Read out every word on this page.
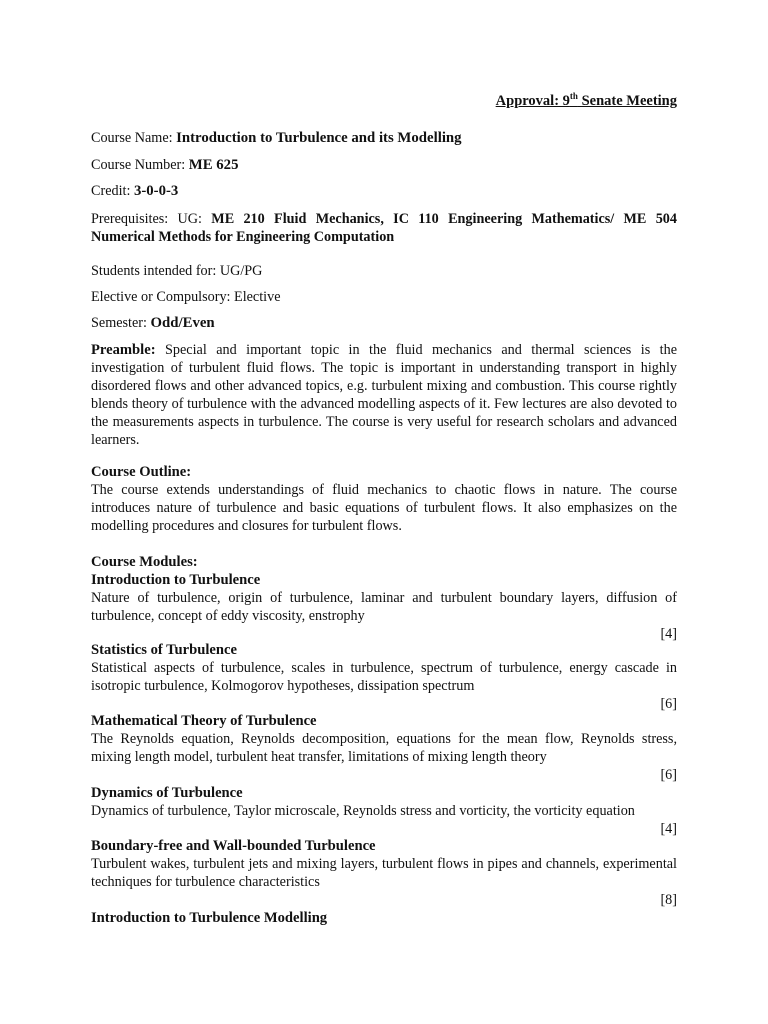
Approval: 9th Senate Meeting
Course Name: Introduction to Turbulence and its Modelling
Course Number: ME 625
Credit: 3-0-0-3
Prerequisites: UG: ME 210 Fluid Mechanics, IC 110 Engineering Mathematics/ ME 504 Numerical Methods for Engineering Computation
Students intended for: UG/PG
Elective or Compulsory: Elective
Semester: Odd/Even
Preamble: Special and important topic in the fluid mechanics and thermal sciences is the investigation of turbulent fluid flows. The topic is important in understanding transport in highly disordered flows and other advanced topics, e.g. turbulent mixing and combustion. This course rightly blends theory of turbulence with the advanced modelling aspects of it. Few lectures are also devoted to the measurements aspects in turbulence. The course is very useful for research scholars and advanced learners.
Course Outline:
The course extends understandings of fluid mechanics to chaotic flows in nature. The course introduces nature of turbulence and basic equations of turbulent flows. It also emphasizes on the modelling procedures and closures for turbulent flows.
Course Modules:
Introduction to Turbulence
Nature of turbulence, origin of turbulence, laminar and turbulent boundary layers, diffusion of turbulence, concept of eddy viscosity, enstrophy
[4]
Statistics of Turbulence
Statistical aspects of turbulence, scales in turbulence, spectrum of turbulence, energy cascade in isotropic turbulence, Kolmogorov hypotheses, dissipation spectrum
[6]
Mathematical Theory of Turbulence
The Reynolds equation, Reynolds decomposition, equations for the mean flow, Reynolds stress, mixing length model, turbulent heat transfer, limitations of mixing length theory
[6]
Dynamics of Turbulence
Dynamics of turbulence, Taylor microscale, Reynolds stress and vorticity, the vorticity equation
[4]
Boundary-free and Wall-bounded Turbulence
Turbulent wakes, turbulent jets and mixing layers, turbulent flows in pipes and channels, experimental techniques for turbulence characteristics
[8]
Introduction to Turbulence Modelling
